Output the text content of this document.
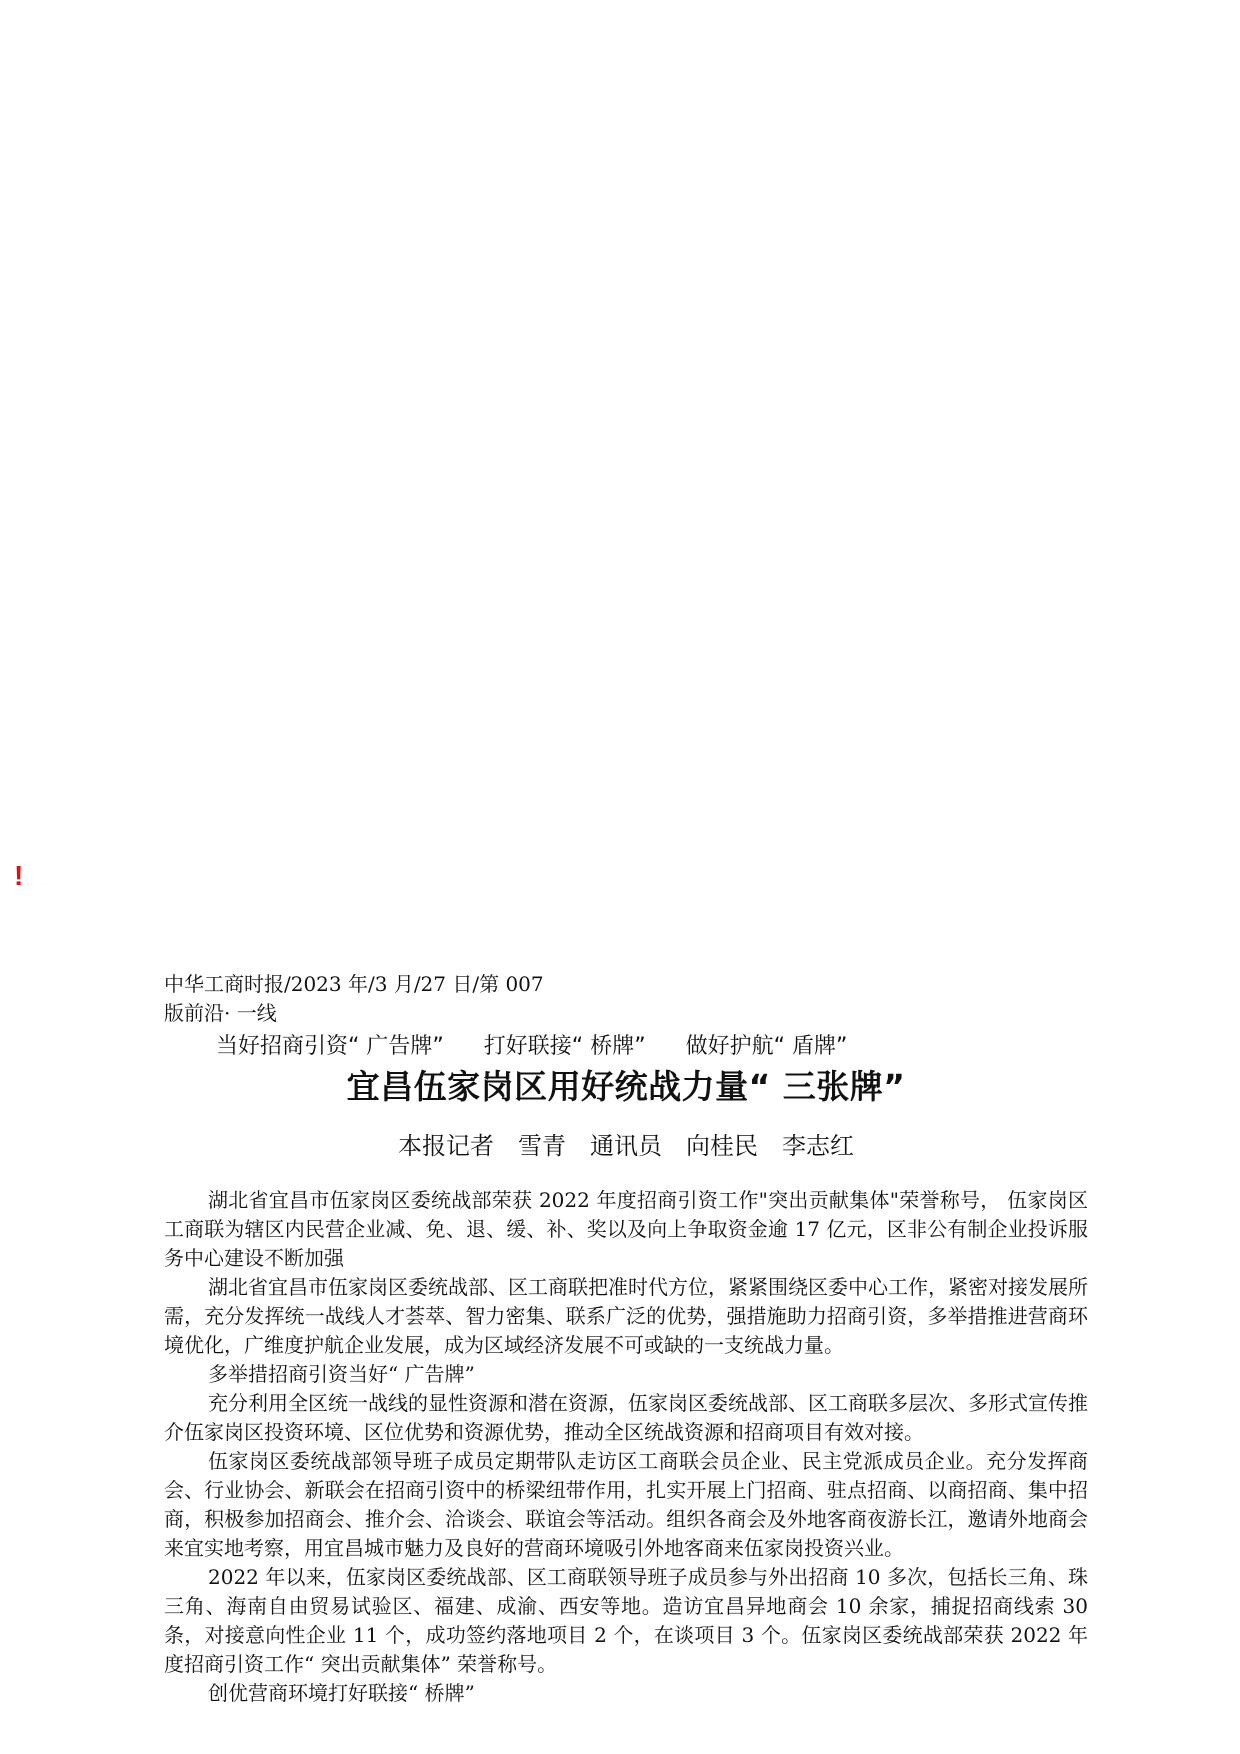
!
中华工商时报/2023 年/3 月/27 日/第 007
版前沿· 一线
当好招商引资“ 广告牌” 打好联接“ 桥牌” 做好护航“ 盾牌”
宜昌伍家岗区用好统战力量“ 三张牌”
本报记者 雪青 通讯员 向桂民 李志红

湖北省宜昌市伍家岗区委统战部荣获 2022 年度招商引资工作"突出贡献集体"荣誉称号， 伍家岗区工商联为辖区内民营企业减、免、退、缓、补、奖以及向上争取资金逾 17 亿元，区非公有制企业投诉服务中心建设不断加强

湖北省宜昌市伍家岗区委统战部、区工商联把准时代方位，紧紧围绕区委中心工作，紧密对接发展所需，充分发挥统一战线人才荟萃、智力密集、联系广泛的优势，强措施助力招商引资，多举措推进营商环境优化，广维度护航企业发展，成为区域经济发展不可或缺的一支统战力量。

多举措招商引资当好“ 广告牌”

充分利用全区统一战线的显性资源和潜在资源，伍家岗区委统战部、区工商联多层次、多形式宣传推介伍家岗区投资环境、区位优势和资源优势，推动全区统战资源和招商项目有效对接。

伍家岗区委统战部领导班子成员定期带队走访区工商联会员企业、民主党派成员企业。充分发挥商会、行业协会、新联会在招商引资中的桥梁纽带作用，扎实开展上门招商、驻点招商、以商招商、集中招商，积极参加招商会、推介会、洽谈会、联谊会等活动。组织各商会及外地客商夜游长江，邀请外地商会来宜实地考察，用宜昌城市魅力及良好的营商环境吸引外地客商来伍家岗投资兴业。

2022 年以来，伍家岗区委统战部、区工商联领导班子成员参与外出招商 10 多次，包括长三角、珠三角、海南自由贸易试验区、福建、成渝、西安等地。造访宜昌异地商会 10 余家，捕捉招商线索 30 条，对接意向性企业 11 个，成功签约落地项目 2 个，在谈项目 3 个。伍家岗区委统战部荣获 2022 年度招商引资工作“ 突出贡献集体” 荣誉称号。

创优营商环境打好联接“ 桥牌”
